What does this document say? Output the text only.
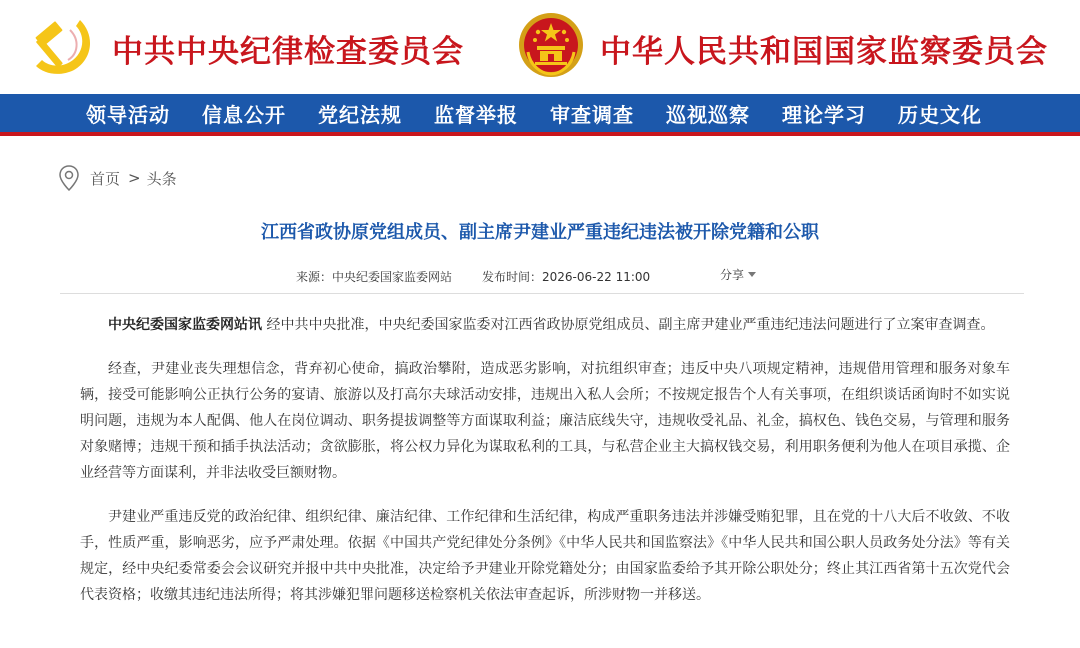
中共中央纪律检查委员会	中华人民共和国国家监察委员会
领导活动	信息公开	党纪法规	监督举报	审查调查	巡视巡察	理论学习	历史文化
首页 > 头条
江西省政协原党组成员、副主席尹建业严重违纪违法被开除党籍和公职
来源：中央纪委国家监委网站	发布时间：2026-06-22 11:00	分享

中央纪委国家监委网站讯 经中共中央批准，中央纪委国家监委对江西省政协原党组成员、副主席尹建业严重违纪违法问题进行了立案审查调查。

经查，尹建业丧失理想信念，背弃初心使命，搞政治攀附，造成恶劣影响，对抗组织审查；违反中央八项规定精神，违规借用管理和服务对象车辆，接受可能影响公正执行公务的宴请、旅游以及打高尔夫球活动安排，违规出入私人会所；不按规定报告个人有关事项，在组织谈话函询时不如实说明问题，违规为本人配偶、他人在岗位调动、职务提拔调整等方面谋取利益；廉洁底线失守，违规收受礼品、礼金，搞权色、钱色交易，与管理和服务对象赌博；违规干预和插手执法活动；贪欲膨胀，将公权力异化为谋取私利的工具，与私营企业主大搞权钱交易，利用职务便利为他人在项目承揽、企业经营等方面谋利，并非法收受巨额财物。

尹建业严重违反党的政治纪律、组织纪律、廉洁纪律、工作纪律和生活纪律，构成严重职务违法并涉嫌受贿犯罪，且在党的十八大后不收敛、不收手，性质严重，影响恶劣，应予严肃处理。依据《中国共产党纪律处分条例》《中华人民共和国监察法》《中华人民共和国公职人员政务处分法》等有关规定，经中央纪委常委会会议研究并报中共中央批准，决定给予尹建业开除党籍处分；由国家监委给予其开除公职处分；终止其江西省第十五次党代会代表资格；收缴其违纪违法所得；将其涉嫌犯罪问题移送检察机关依法审查起诉，所涉财物一并移送。
